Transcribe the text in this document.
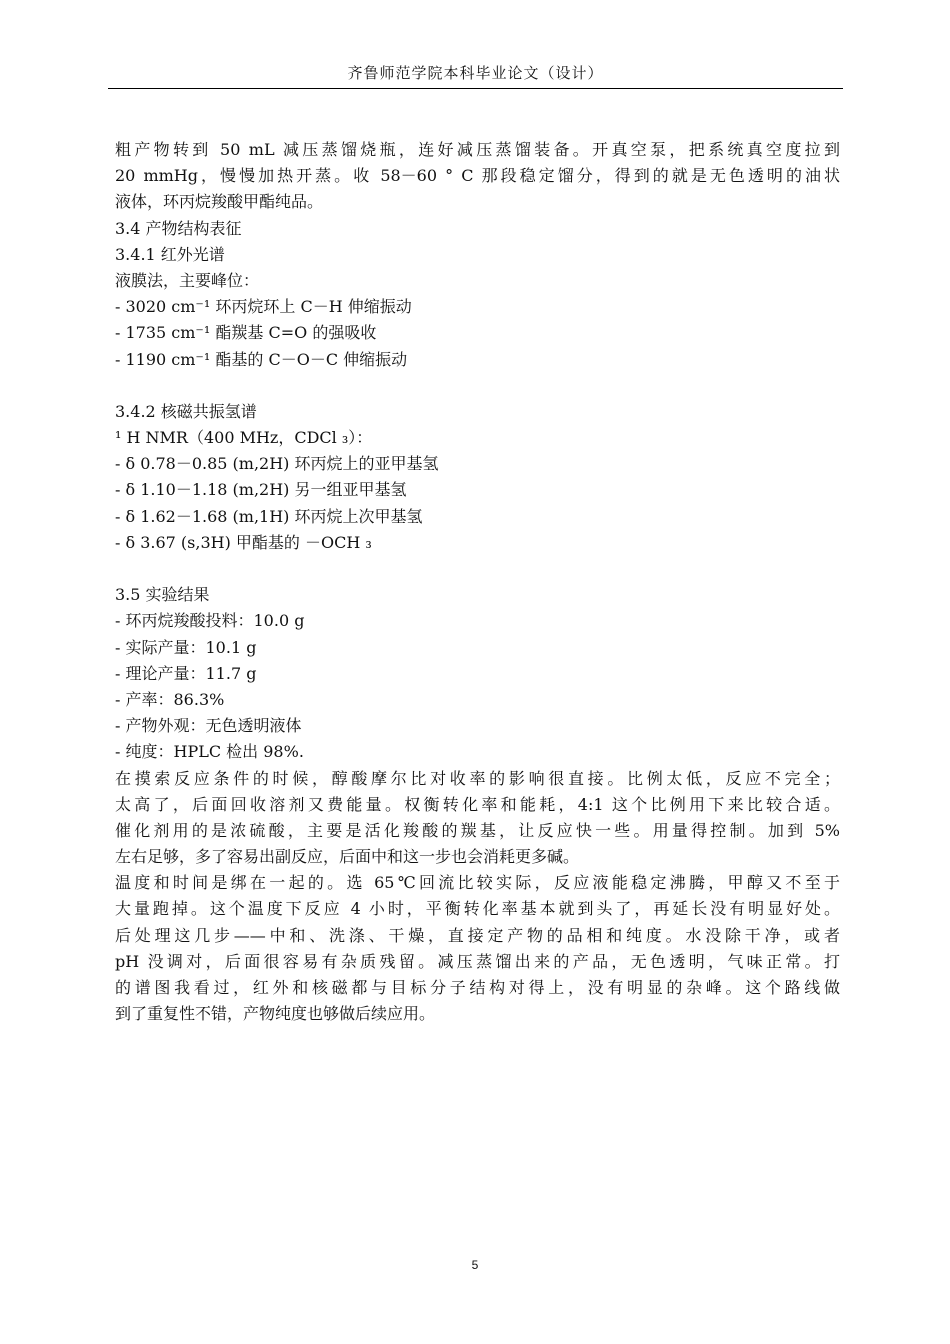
齐鲁师范学院本科毕业论文（设计）
粗产物转到 50 mL 减压蒸馏烧瓶，连好减压蒸馏装备。开真空泵，把系统真空度拉到
20 mmHg，慢慢加热开蒸。收 58－60 ° C 那段稳定馏分，得到的就是无色透明的油状
液体，环丙烷羧酸甲酯纯品。
3.4 产物结构表征
3.4.1 红外光谱
液膜法，主要峰位：
- 3020 cm⁻¹ 环丙烷环上 C－H 伸缩振动
- 1735 cm⁻¹ 酯羰基 C=O 的强吸收
- 1190 cm⁻¹ 酯基的 C－O－C 伸缩振动
3.4.2 核磁共振氢谱
¹ H NMR（400 MHz，CDCl ₃）：
- δ 0.78－0.85 (m,2H) 环丙烷上的亚甲基氢
- δ 1.10－1.18 (m,2H) 另一组亚甲基氢
- δ 1.62－1.68 (m,1H) 环丙烷上次甲基氢
- δ 3.67 (s,3H) 甲酯基的 －OCH ₃
3.5 实验结果
- 环丙烷羧酸投料：10.0 g
- 实际产量：10.1 g
- 理论产量：11.7 g
- 产率：86.3%
- 产物外观：无色透明液体
- 纯度：HPLC 检出 98%.
在摸索反应条件的时候，醇酸摩尔比对收率的影响很直接。比例太低，反应不完全；
太高了，后面回收溶剂又费能量。权衡转化率和能耗，4:1 这个比例用下来比较合适。
催化剂用的是浓硫酸，主要是活化羧酸的羰基，让反应快一些。用量得控制。加到 5%
左右足够，多了容易出副反应，后面中和这一步也会消耗更多碱。
温度和时间是绑在一起的。选 65℃回流比较实际，反应液能稳定沸腾，甲醇又不至于
大量跑掉。这个温度下反应 4 小时，平衡转化率基本就到头了，再延长没有明显好处。
后处理这几步——中和、洗涤、干燥，直接定产物的品相和纯度。水没除干净，或者
pH 没调对，后面很容易有杂质残留。减压蒸馏出来的产品，无色透明，气味正常。打
的谱图我看过，红外和核磁都与目标分子结构对得上，没有明显的杂峰。这个路线做
到了重复性不错，产物纯度也够做后续应用。
5
